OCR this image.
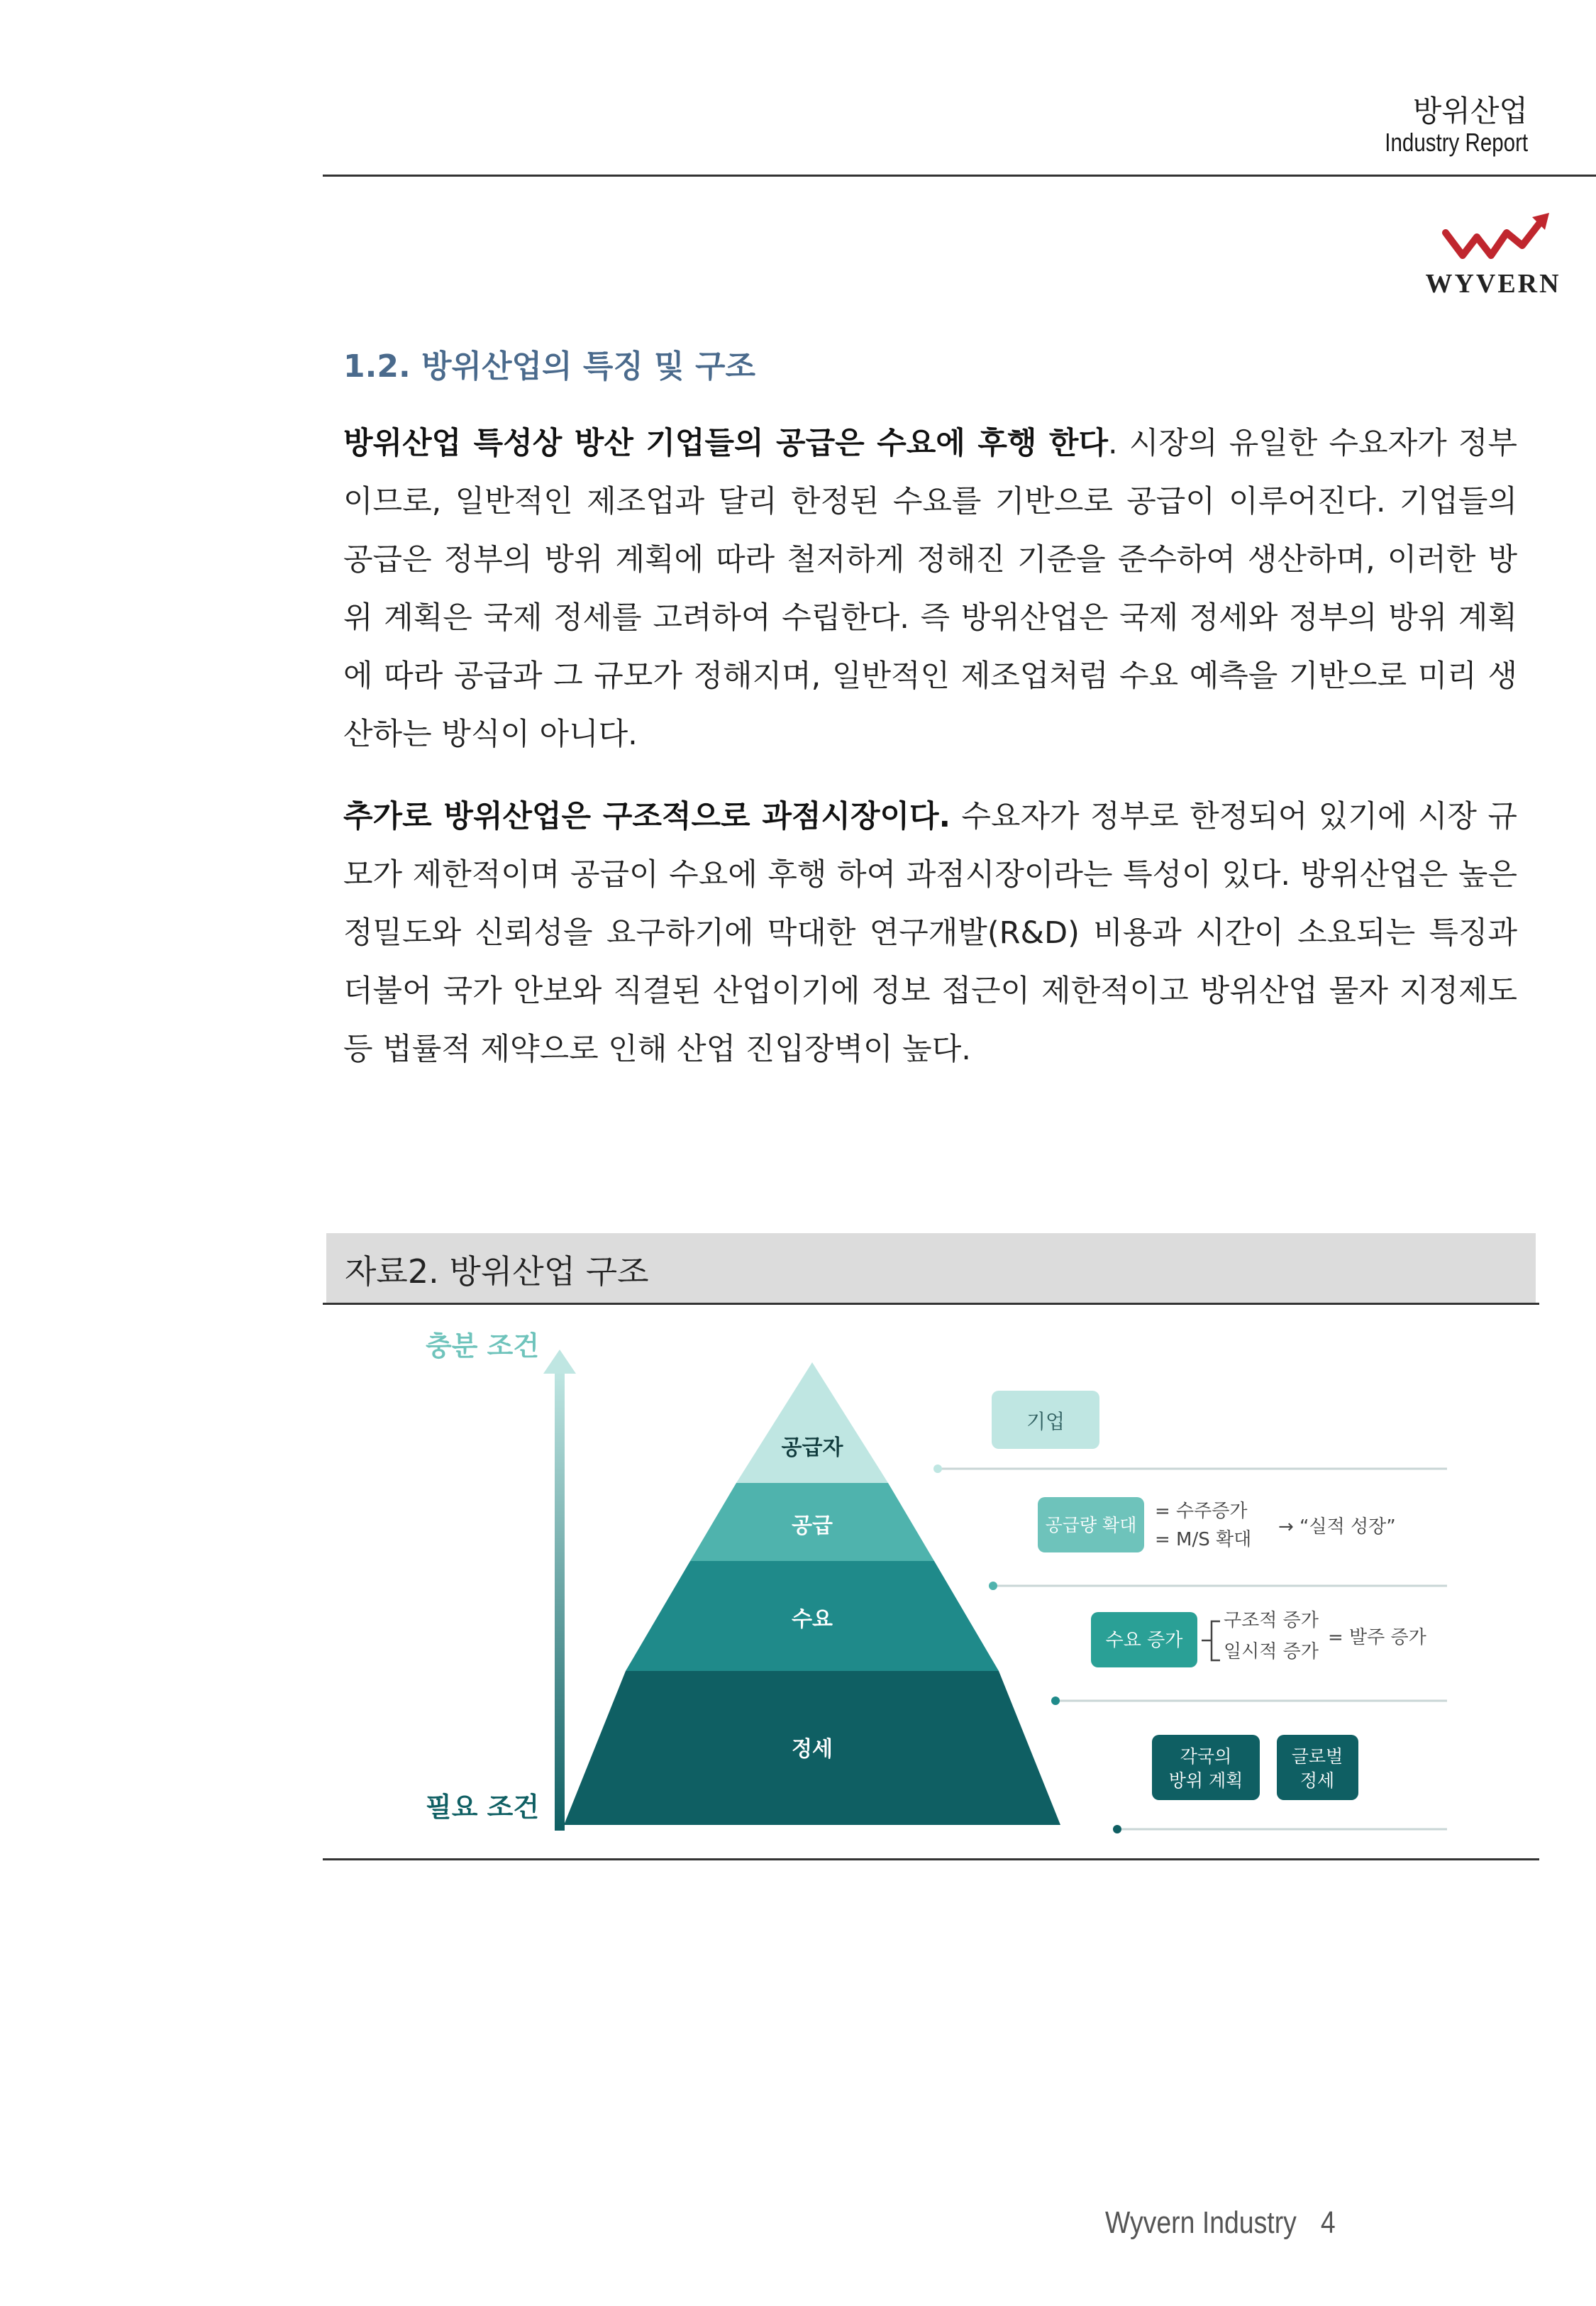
방위산업
Industry Report
WYVERN
1.2. 방위산업의 특징 및 구조
방위산업 특성상 방산 기업들의 공급은 수요에 후행 한다. 시장의 유일한 수요자가 정부이므로, 일반적인 제조업과 달리 한정된 수요를 기반으로 공급이 이루어진다. 기업들의 공급은 정부의 방위 계획에 따라 철저하게 정해진 기준을 준수하여 생산하며, 이러한 방위 계획은 국제 정세를 고려하여 수립한다. 즉 방위산업은 국제 정세와 정부의 방위 계획에 따라 공급과 그 규모가 정해지며, 일반적인 제조업처럼 수요 예측을 기반으로 미리 생산하는 방식이 아니다.
추가로 방위산업은 구조적으로 과점시장이다. 수요자가 정부로 한정되어 있기에 시장 규모가 제한적이며 공급이 수요에 후행 하여 과점시장이라는 특성이 있다. 방위산업은 높은 정밀도와 신뢰성을 요구하기에 막대한 연구개발(R&D) 비용과 시간이 소요되는 특징과 더불어 국가 안보와 직결된 산업이기에 정보 접근이 제한적이고 방위산업 물자 지정제도 등 법률적 제약으로 인해 산업 진입장벽이 높다.
자료2. 방위산업 구조
충분 조건
필요 조건
공급자
공급
수요
정세
기업
공급량 확대
= 수주증가
= M/S 확대
→ “실적 성장”
수요 증가
구조적 증가
일시적 증가
= 발주 증가
각국의
방위 계획
글로벌
정세
Wyvern Industry 4
